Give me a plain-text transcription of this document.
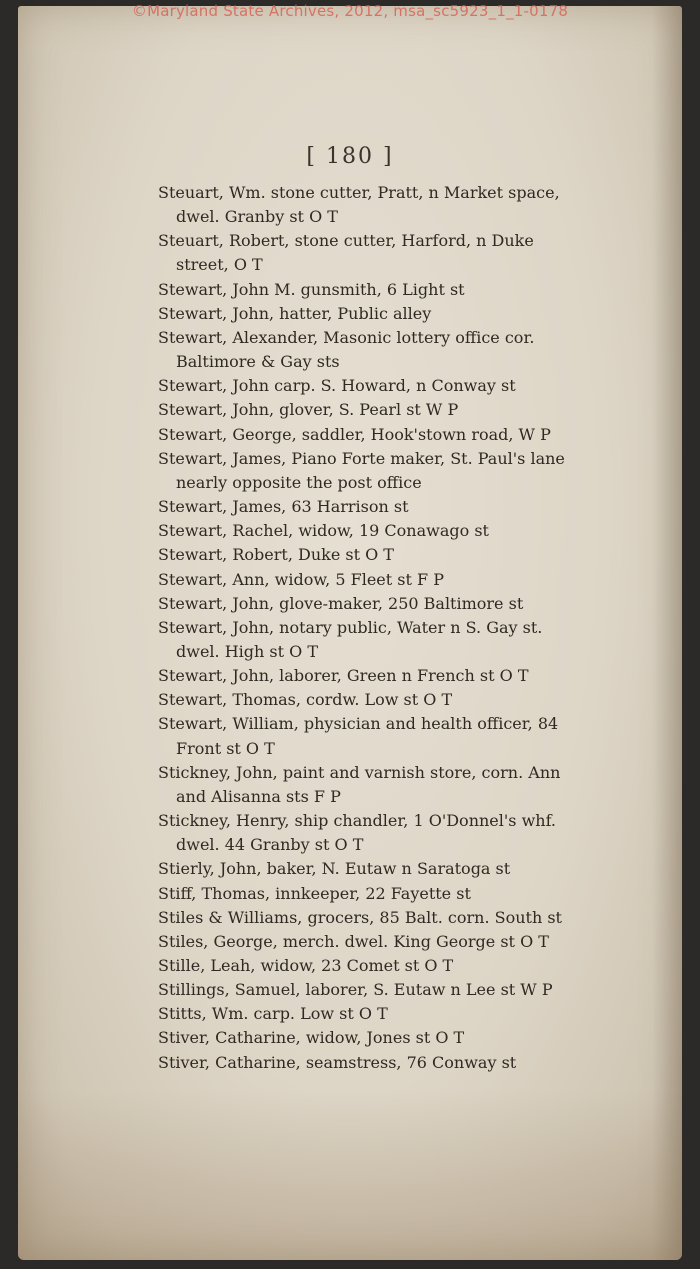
©Maryland State Archives, 2012, msa_sc5923_1_1-0178
[ 180 ]
Steuart, Wm. stone cutter, Pratt, n Market space,
dwel. Granby st O T
Steuart, Robert, stone cutter, Harford, n Duke
street, O T
Stewart, John M. gunsmith, 6 Light st
Stewart, John, hatter, Public alley
Stewart, Alexander, Masonic lottery office cor.
Baltimore & Gay sts
Stewart, John carp. S. Howard, n Conway st
Stewart, John, glover, S. Pearl st W P
Stewart, George, saddler, Hook'stown road, W P
Stewart, James, Piano Forte maker, St. Paul's lane
nearly opposite the post office
Stewart, James, 63 Harrison st
Stewart, Rachel, widow, 19 Conawago st
Stewart, Robert, Duke st O T
Stewart, Ann, widow, 5 Fleet st F P
Stewart, John, glove-maker, 250 Baltimore st
Stewart, John, notary public, Water n S. Gay st.
dwel. High st O T
Stewart, John, laborer, Green n French st O T
Stewart, Thomas, cordw. Low st O T
Stewart, William, physician and health officer, 84
Front st O T
Stickney, John, paint and varnish store, corn. Ann
and Alisanna sts F P
Stickney, Henry, ship chandler, 1 O'Donnel's whf.
dwel. 44 Granby st O T
Stierly, John, baker, N. Eutaw n Saratoga st
Stiff, Thomas, innkeeper, 22 Fayette st
Stiles & Williams, grocers, 85 Balt. corn. South st
Stiles, George, merch. dwel. King George st O T
Stille, Leah, widow, 23 Comet st O T
Stillings, Samuel, laborer, S. Eutaw n Lee st W P
Stitts, Wm. carp. Low st O T
Stiver, Catharine, widow, Jones st O T
Stiver, Catharine, seamstress, 76 Conway st
